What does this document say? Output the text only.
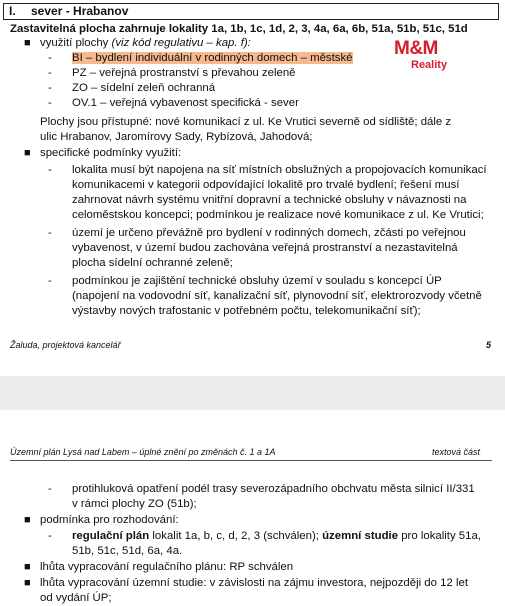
I. sever - Hrabanov
Zastavitelná plocha zahrnuje lokality 1a, 1b, 1c, 1d, 2, 3, 4a, 6a, 6b, 51a, 51b, 51c, 51d
M&M
Reality
■ využití plochy (viz kód regulativu – kap. f):
- BI – bydlení individuální v rodinných domech – městské
- PZ – veřejná prostranství s převahou zeleně
- ZO – sídelní zeleň ochranná
- OV.1 – veřejná vybavenost specifická - sever
Plochy jsou přístupné: nové komunikací z ul. Ke Vrutici severně od sídliště; dále z
ulic Hrabanov, Jaromírovy Sady, Rybízová, Jahodová;
■ specifické podmínky využití:
- lokalita musí být napojena na síť místních obslužných a propojovacích komunikací
komunikacemi v kategorii odpovídající lokalitě pro trvalé bydlení; řešení musí
zahrnovat návrh systému vnitřní dopravní a technické obsluhy v návaznosti na
celoměstskou koncepci; podmínkou je realizace nové komunikace z ul. Ke Vrutici;
- území je určeno převážně pro bydlení v rodinných domech, zčásti po veřejnou
vybavenost, v území budou zachována veřejná prostranství a nezastavitelná
plocha sídelní ochranné zeleně;
- podmínkou je zajištění technické obsluhy území v souladu s koncepcí ÚP
(napojení na vodovodní síť, kanalizační síť, plynovodní síť, elektrorozvody včetně
výstavby nových trafostanic v potřebném počtu, telekomunikační síť);
Žaluda, projektová kancelář	5
Územní plán Lysá nad Labem – úplné znění po změnách č. 1 a 1A	textová část
- protihluková opatření podél trasy severozápadního obchvatu města silnicí II/331
v rámci plochy ZO (51b);
■ podmínka pro rozhodování:
- regulační plán lokalit 1a, b, c, d, 2, 3 (schválen); územní studie pro lokality 51a,
51b, 51c, 51d, 6a, 4a.
■ lhůta vypracování regulačního plánu: RP schválen
■ lhůta vypracování územní studie: v závislosti na zájmu investora, nejpozději do 12 let
od vydání ÚP;
